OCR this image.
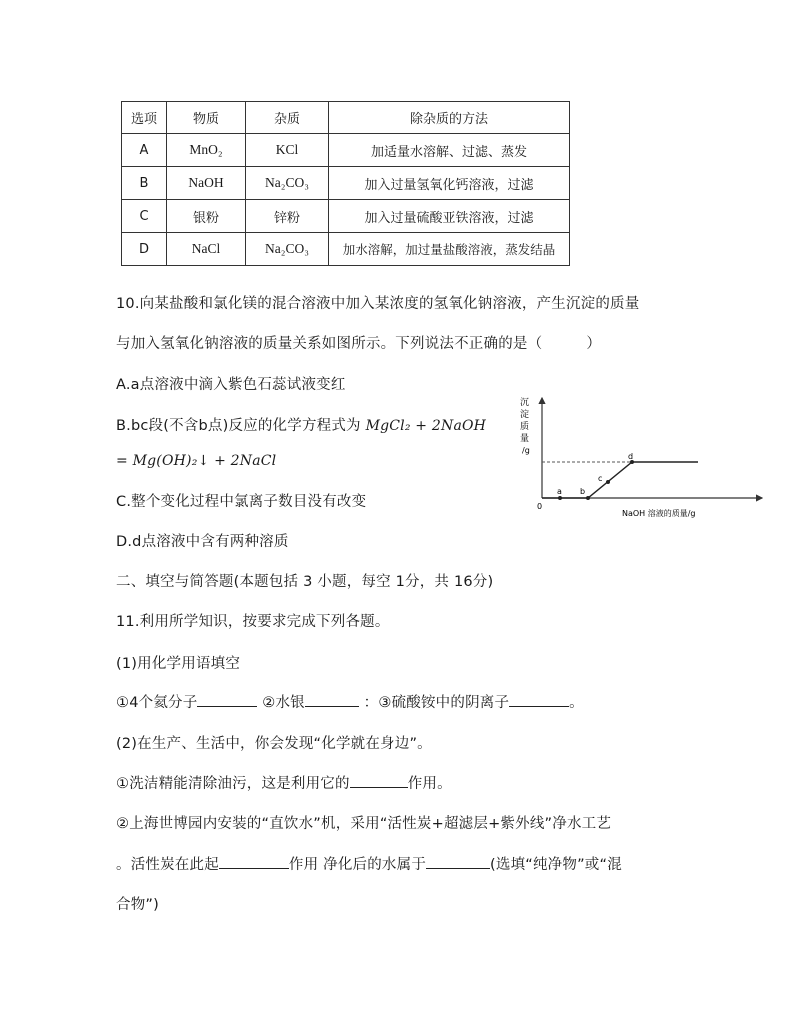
选项	物质	杂质	除杂质的方法
A	MnO₂	KCl	加适量水溶解、过滤、蒸发
B	NaOH	Na₂CO₃	加入过量氢氧化钙溶液，过滤
C	银粉	锌粉	加入过量硫酸亚铁溶液，过滤
D	NaCl	Na₂CO₃	加水溶解，加过量盐酸溶液，蒸发结晶
10.向某盐酸和氯化镁的混合溶液中加入某浓度的氢氧化钠溶液，产生沉淀的质量
与加入氢氧化钠溶液的质量关系如图所示。下列说法不正确的是（　　　）
A.a点溶液中滴入紫色石蕊试液变红
B.bc段(不含b点)反应的化学方程式为 MgCl₂ + 2NaOH
= Mg(OH)₂↓ + 2NaCl
C.整个变化过程中氯离子数目没有改变
D.d点溶液中含有两种溶质
沉
淀
质
量
/g
a b
c
d
0
NaOH 溶液的质量/g
二、填空与简答题(本题包括 3 小题，每空 1分，共 16分)
11.利用所学知识，按要求完成下列各题。
(1)用化学用语填空
①4个氦分子	②水银	：③硫酸铵中的阴离子	。
(2)在生产、生活中，你会发现“化学就在身边”。
①洗洁精能清除油污，这是利用它的	作用。
②上海世博园内安装的“直饮水”机，采用“活性炭+超滤层+紫外线”净水工艺
。活性炭在此起	作用 净化后的水属于	(选填“纯净物”或“混
合物”)
